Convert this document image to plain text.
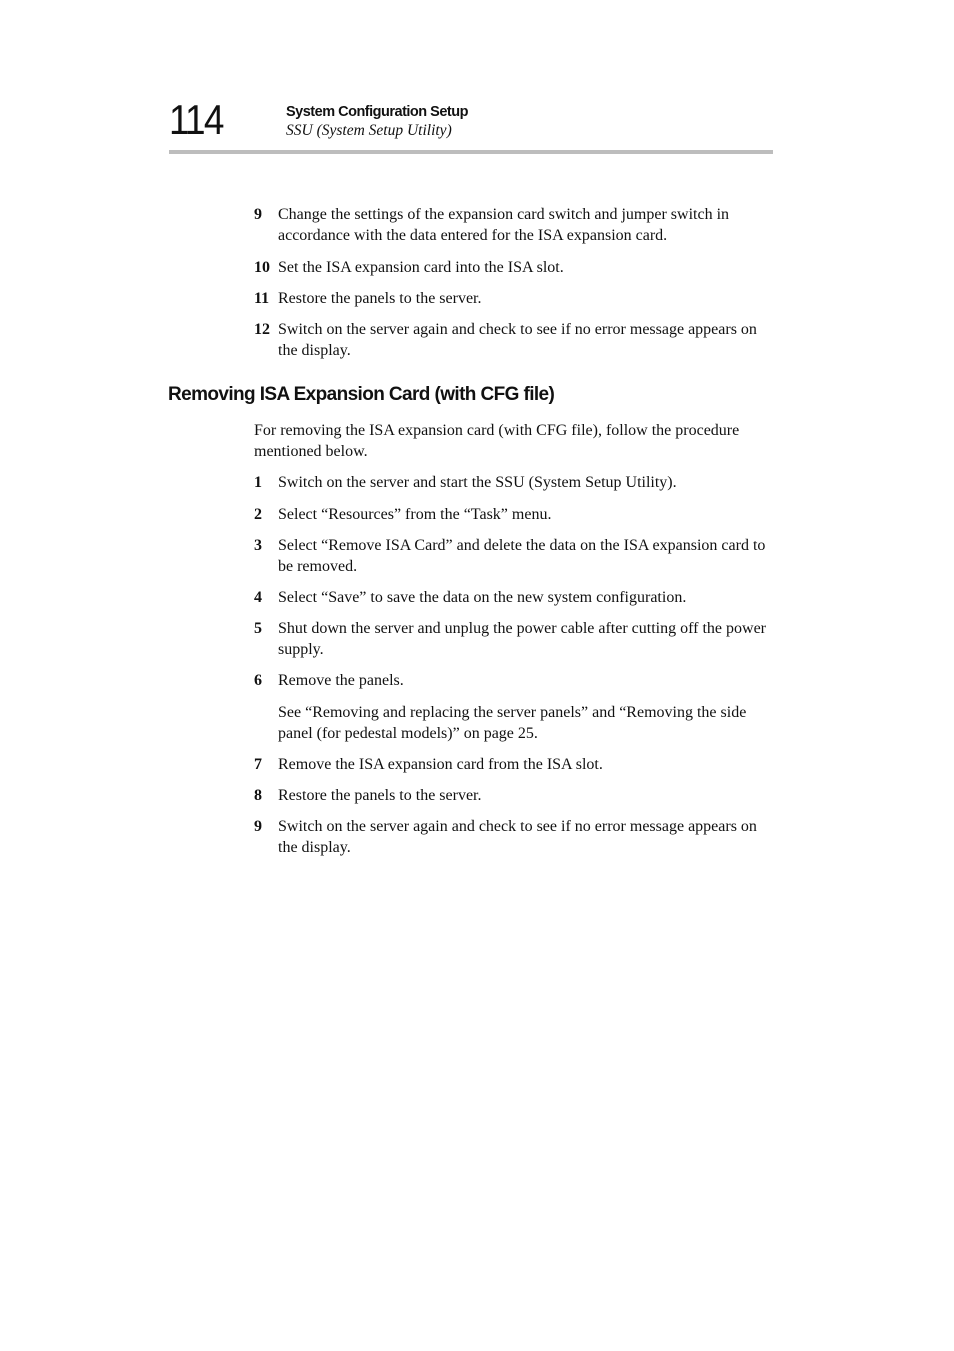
114	System Configuration Setup
SSU (System Setup Utility)
9 Change the settings of the expansion card switch and jumper switch in accordance with the data entered for the ISA expansion card.
10 Set the ISA expansion card into the ISA slot.
11 Restore the panels to the server.
12 Switch on the server again and check to see if no error message appears on the display.
Removing ISA Expansion Card (with CFG file)
For removing the ISA expansion card (with CFG file), follow the procedure mentioned below.
1 Switch on the server and start the SSU (System Setup Utility).
2 Select “Resources” from the “Task” menu.
3 Select “Remove ISA Card” and delete the data on the ISA expansion card to be removed.
4 Select “Save” to save the data on the new system configuration.
5 Shut down the server and unplug the power cable after cutting off the power supply.
6 Remove the panels.
See “Removing and replacing the server panels” and “Removing the side panel (for pedestal models)” on page 25.
7 Remove the ISA expansion card from the ISA slot.
8 Restore the panels to the server.
9 Switch on the server again and check to see if no error message appears on the display.
